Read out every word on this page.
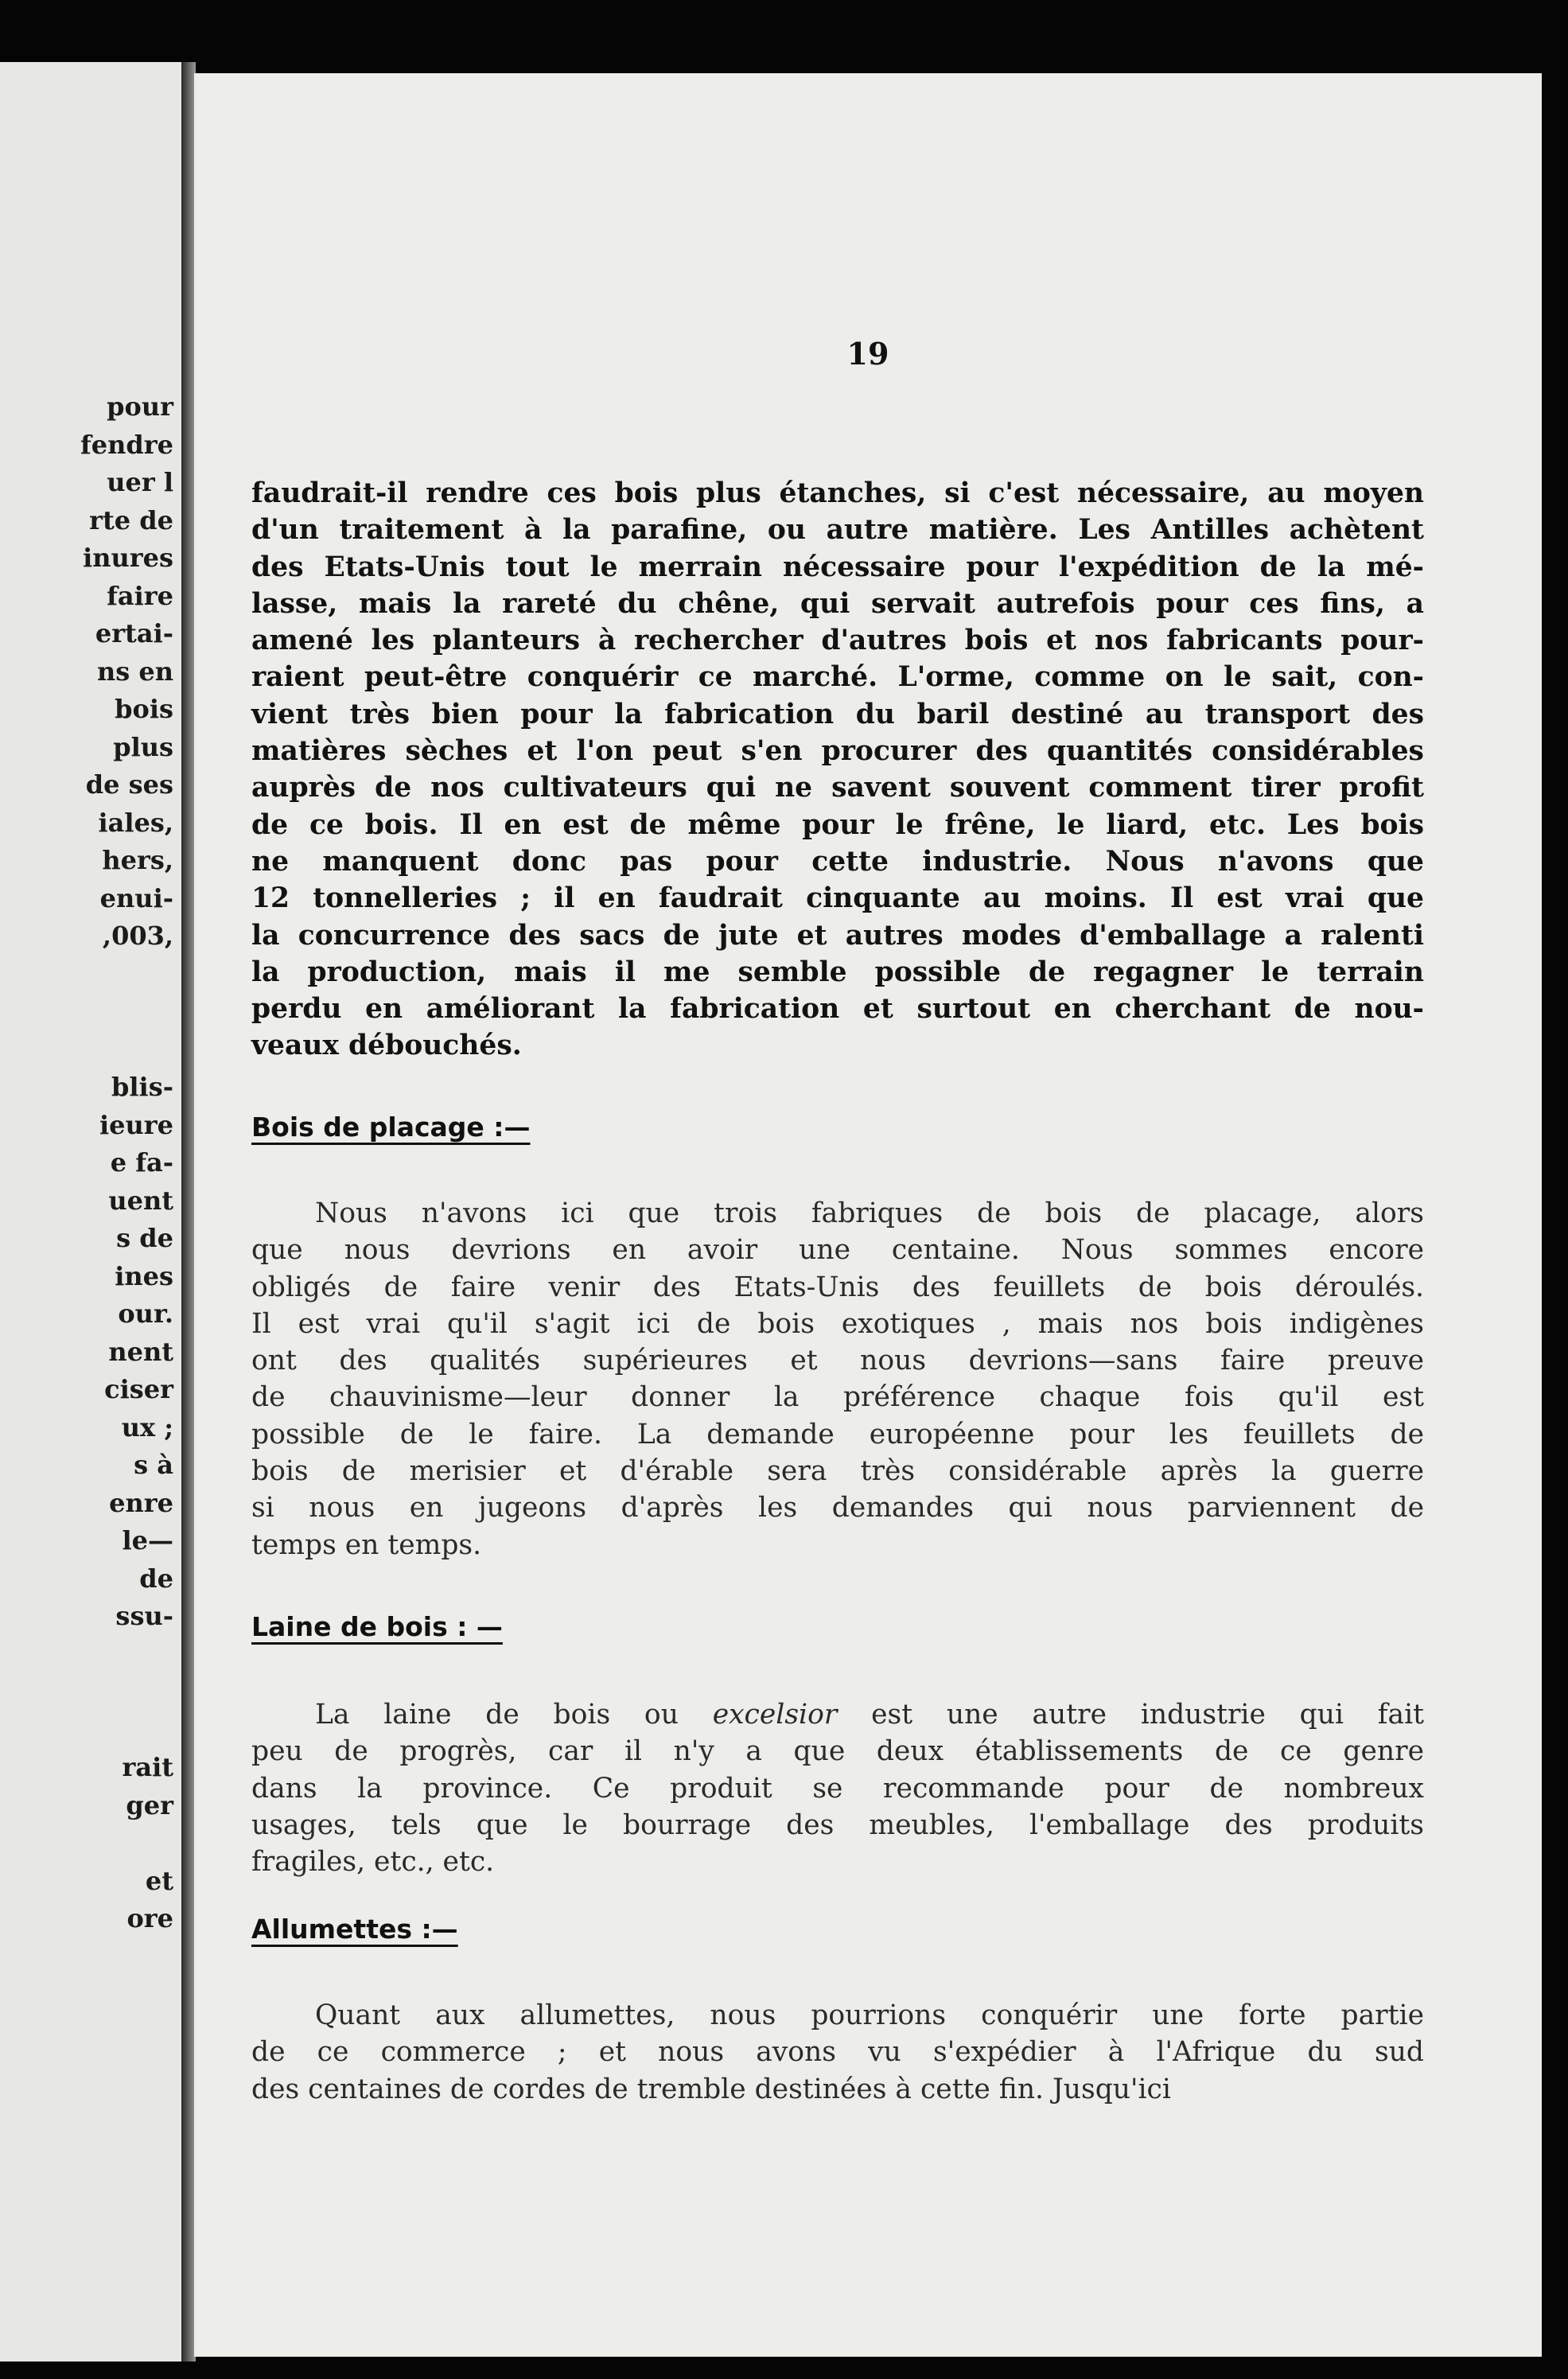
pour
fendre
uer l
rte de
inures
faire
ertai-
ns en
bois
plus
de ses
iales,
hers,
enui-
,003,
blis-
ieure
e fa-
uent
s de
ines
our.
nent
ciser
ux ;
s à
enre
le—
de
ssu-
rait
ger
et
ore
19

faudrait-il rendre ces bois plus étanches, si c'est nécessaire, au moyen
d'un traitement à la parafine, ou autre matière. Les Antilles achètent
des Etats-Unis tout le merrain nécessaire pour l'expédition de la mé-
lasse, mais la rareté du chêne, qui servait autrefois pour ces fins, a
amené les planteurs à rechercher d'autres bois et nos fabricants pour-
raient peut-être conquérir ce marché. L'orme, comme on le sait, con-
vient très bien pour la fabrication du baril destiné au transport des
matières sèches et l'on peut s'en procurer des quantités considérables
auprès de nos cultivateurs qui ne savent souvent comment tirer profit
de ce bois. Il en est de même pour le frêne, le liard, etc. Les bois
ne manquent donc pas pour cette industrie. Nous n'avons que
12 tonnelleries ; il en faudrait cinquante au moins. Il est vrai que
la concurrence des sacs de jute et autres modes d'emballage a ralenti
la production, mais il me semble possible de regagner le terrain
perdu en améliorant la fabrication et surtout en cherchant de nou-
veaux débouchés.

Bois de placage :—

Nous n'avons ici que trois fabriques de bois de placage, alors
que nous devrions en avoir une centaine. Nous sommes encore
obligés de faire venir des Etats-Unis des feuillets de bois déroulés.
Il est vrai qu'il s'agit ici de bois exotiques , mais nos bois indigènes
ont des qualités supérieures et nous devrions—sans faire preuve
de chauvinisme—leur donner la préférence chaque fois qu'il est
possible de le faire. La demande européenne pour les feuillets de
bois de merisier et d'érable sera très considérable après la guerre
si nous en jugeons d'après les demandes qui nous parviennent de
temps en temps.

Laine de bois : —

La laine de bois ou excelsior est une autre industrie qui fait
peu de progrès, car il n'y a que deux établissements de ce genre
dans la province. Ce produit se recommande pour de nombreux
usages, tels que le bourrage des meubles, l'emballage des produits
fragiles, etc., etc.

Allumettes :—

Quant aux allumettes, nous pourrions conquérir une forte partie
de ce commerce ; et nous avons vu s'expédier à l'Afrique du sud
des centaines de cordes de tremble destinées à cette fin. Jusqu'ici
